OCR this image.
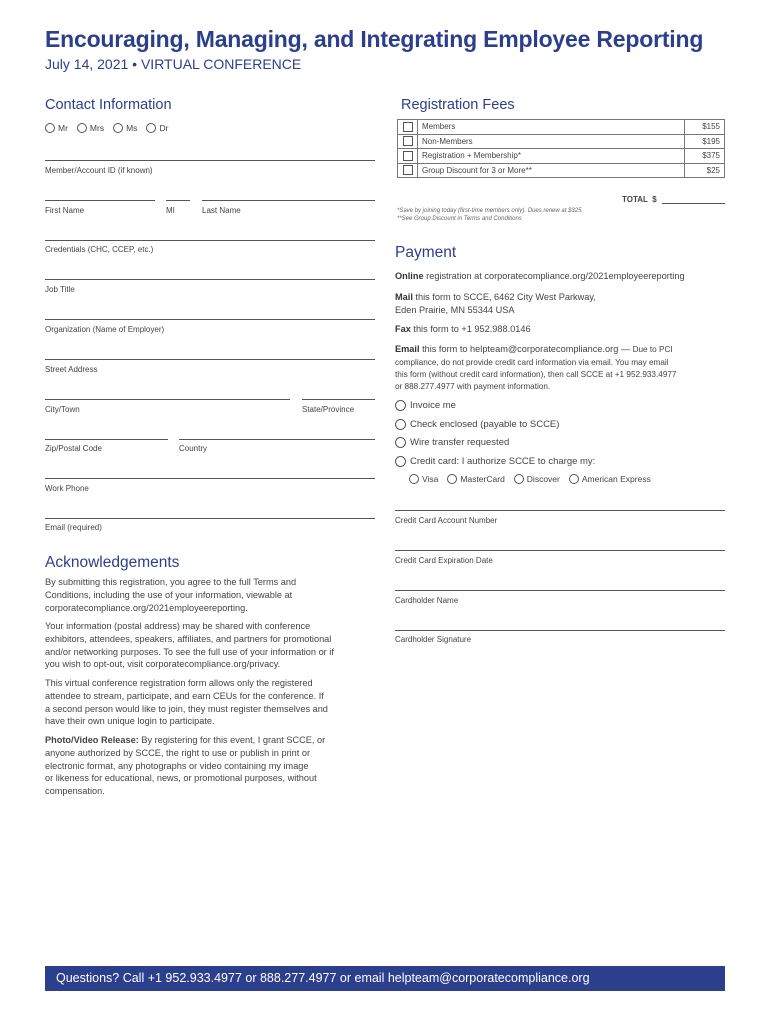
Encouraging, Managing, and Integrating Employee Reporting
July 14, 2021 • VIRTUAL CONFERENCE
Contact Information
Mr	Mrs	Ms	Dr
Member/Account ID (if known)
First Name	MI	Last Name
Credentials (CHC, CCEP, etc.)
Job Title
Organization (Name of Employer)
Street Address
City/Town	State/Province
Zip/Postal Code	Country
Work Phone
Email (required)
Acknowledgements
By submitting this registration, you agree to the full Terms and
Conditions, including the use of your information, viewable at
corporatecompliance.org/2021employeereporting.
Your information (postal address) may be shared with conference
exhibitors, attendees, speakers, affiliates, and partners for promotional
and/or networking purposes. To see the full use of your information or if
you wish to opt-out, visit corporatecompliance.org/privacy.
This virtual conference registration form allows only the registered
attendee to stream, participate, and earn CEUs for the conference. If
a second person would like to join, they must register themselves and
have their own unique login to participate.
Photo/Video Release: By registering for this event, I grant SCCE, or
anyone authorized by SCCE, the right to use or publish in print or
electronic format, any photographs or video containing my image
or likeness for educational, news, or promotional purposes, without
compensation.
Registration Fees
	Members	$155
	Non-Members	$195
	Registration + Membership*	$375
	Group Discount for 3 or More**	$25
TOTAL  $
*Save by joining today (first-time members only). Dues renew at $325.
**See Group Discount in Terms and Conditions
Payment
Online registration at corporatecompliance.org/2021employeereporting
Mail this form to SCCE, 6462 City West Parkway,
Eden Prairie, MN 55344 USA
Fax this form to +1 952.988.0146
Email this form to helpteam@corporatecompliance.org — Due to PCI
compliance, do not provide credit card information via email. You may email
this form (without credit card information), then call SCCE at +1 952.933.4977
or 888.277.4977 with payment information.
Invoice me
Check enclosed (payable to SCCE)
Wire transfer requested
Credit card: I authorize SCCE to charge my:
Visa	MasterCard	Discover	American Express
Credit Card Account Number
Credit Card Expiration Date
Cardholder Name
Cardholder Signature
Questions? Call +1 952.933.4977 or 888.277.4977 or email helpteam@corporatecompliance.org
